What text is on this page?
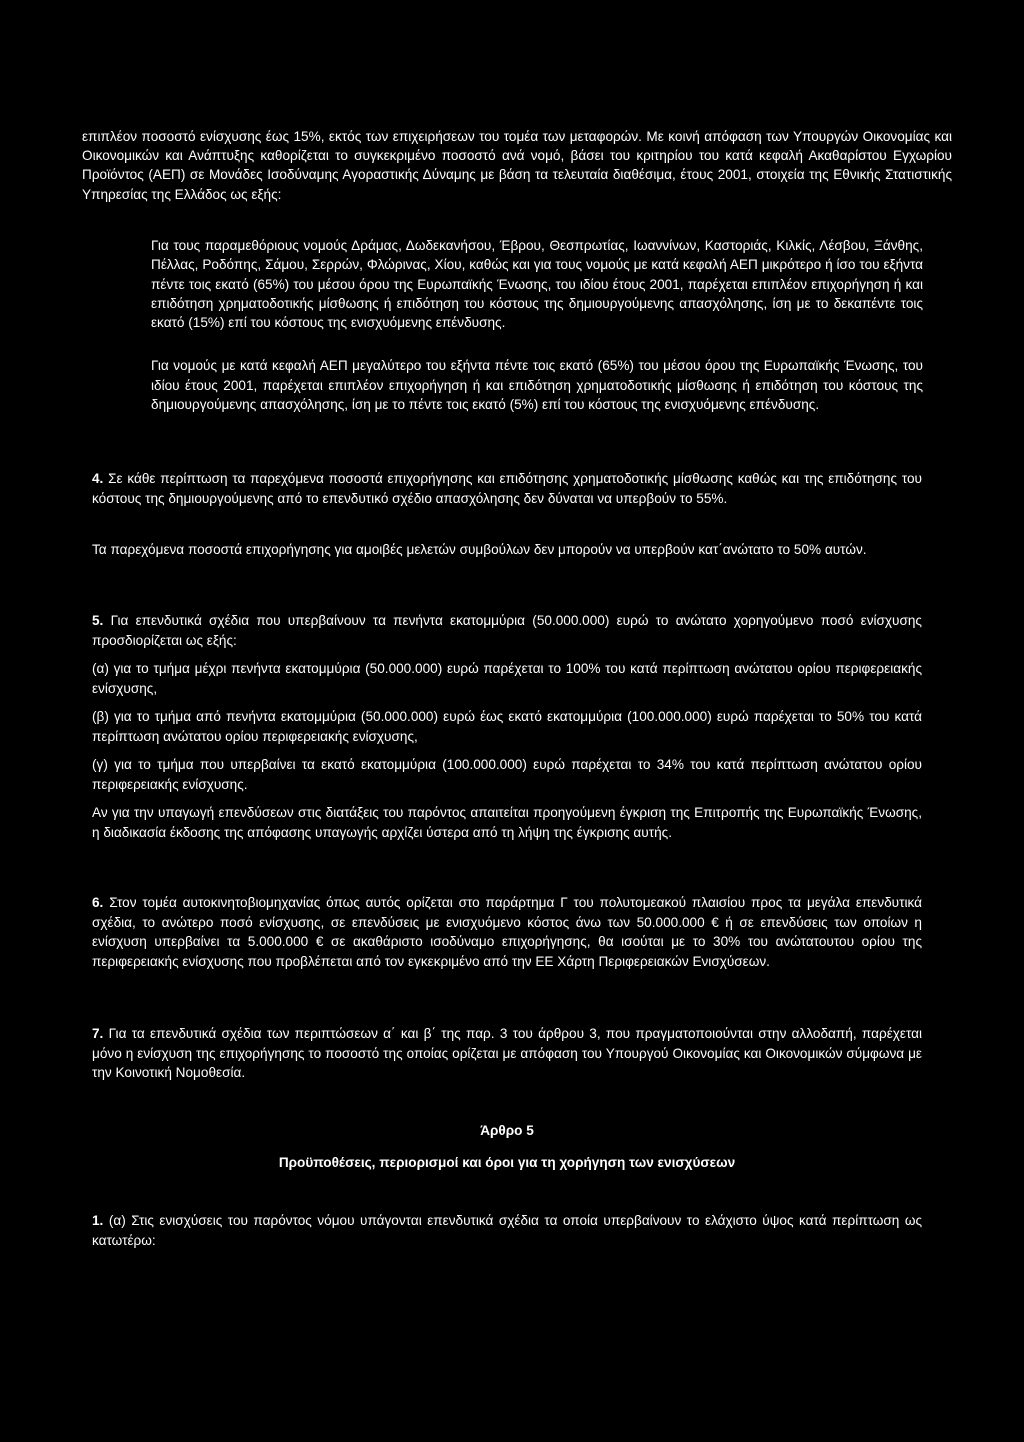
επιπλέον ποσοστό ενίσχυσης έως 15%, εκτός των επιχειρήσεων του τομέα των μεταφορών. Με κοινή απόφαση των Υπουργών Οικονομίας και Οικονομικών και Ανάπτυξης καθορίζεται το συγκεκριμένο ποσοστό ανά νομό, βάσει του κριτηρίου του κατά κεφαλή Ακαθαρίστου Εγχωρίου Προϊόντος (ΑΕΠ) σε Μονάδες Ισοδύναμης Αγοραστικής Δύναμης με βάση τα τελευταία διαθέσιμα, έτους 2001, στοιχεία της Εθνικής Στατιστικής Υπηρεσίας της Ελλάδος ως εξής:

Για τους παραμεθόριους νομούς Δράμας, Δωδεκανήσου, Έβρου, Θεσπρωτίας, Ιωαννίνων, Καστοριάς, Κιλκίς, Λέσβου, Ξάνθης, Πέλλας, Ροδόπης, Σάμου, Σερρών, Φλώρινας, Χίου, καθώς και για τους νομούς με κατά κεφαλή ΑΕΠ μικρότερο ή ίσο του εξήντα πέντε τοις εκατό (65%) του μέσου όρου της Ευρωπαϊκής Ένωσης, του ιδίου έτους 2001, παρέχεται επιπλέον επιχορήγηση ή και επιδότηση χρηματοδοτικής μίσθωσης ή επιδότηση του κόστους της δημιουργούμενης απασχόλησης, ίση με το δεκαπέντε τοις εκατό (15%) επί του κόστους της ενισχυόμενης επένδυσης.

Για νομούς με κατά κεφαλή ΑΕΠ μεγαλύτερο του εξήντα πέντε τοις εκατό (65%) του μέσου όρου της Ευρωπαϊκής Ένωσης, του ιδίου έτους 2001, παρέχεται επιπλέον επιχορήγηση ή και επιδότηση χρηματοδοτικής μίσθωσης ή επιδότηση του κόστους της δημιουργούμενης απασχόλησης, ίση με το πέντε τοις εκατό (5%) επί του κόστους της ενισχυόμενης επένδυσης.

4. Σε κάθε περίπτωση τα παρεχόμενα ποσοστά επιχορήγησης και επιδότησης χρηματοδοτικής μίσθωσης καθώς και της επιδότησης του κόστους της δημιουργούμενης από το επενδυτικό σχέδιο απασχόλησης δεν δύναται να υπερβούν το 55%.

Τα παρεχόμενα ποσοστά επιχορήγησης για αμοιβές μελετών συμβούλων δεν μπορούν να υπερβούν κατ΄ανώτατο το 50% αυτών.

5. Για επενδυτικά σχέδια που υπερβαίνουν τα πενήντα εκατομμύρια (50.000.000) ευρώ το ανώτατο χορηγούμενο ποσό ενίσχυσης προσδιορίζεται ως εξής:

(α) για το τμήμα μέχρι πενήντα εκατομμύρια (50.000.000) ευρώ παρέχεται το 100% του κατά περίπτωση ανώτατου ορίου περιφερειακής ενίσχυσης,

(β) για το τμήμα από πενήντα εκατομμύρια (50.000.000) ευρώ έως εκατό εκατομμύρια (100.000.000) ευρώ παρέχεται το 50% του κατά περίπτωση ανώτατου ορίου περιφερειακής ενίσχυσης,

(γ) για το τμήμα που υπερβαίνει τα εκατό εκατομμύρια (100.000.000) ευρώ παρέχεται το 34% του κατά περίπτωση ανώτατου ορίου περιφερειακής ενίσχυσης.

Αν για την υπαγωγή επενδύσεων στις διατάξεις του παρόντος απαιτείται προηγούμενη έγκριση της Επιτροπής της Ευρωπαϊκής Ένωσης, η διαδικασία έκδοσης της απόφασης υπαγωγής αρχίζει ύστερα από τη λήψη της έγκρισης αυτής.

6. Στον τομέα αυτοκινητοβιομηχανίας όπως αυτός ορίζεται στο παράρτημα Γ του πολυτομεακού πλαισίου προς τα μεγάλα επενδυτικά σχέδια, το ανώτερο ποσό ενίσχυσης, σε επενδύσεις με ενισχυόμενο κόστος άνω των 50.000.000 € ή σε επενδύσεις των οποίων η ενίσχυση υπερβαίνει τα 5.000.000 € σε ακαθάριστο ισοδύναμο επιχορήγησης, θα ισούται με το 30% του ανώτατουτου ορίου της περιφερειακής ενίσχυσης που προβλέπεται από τον εγκεκριμένο από την ΕΕ Χάρτη Περιφερειακών Ενισχύσεων.

7. Για τα επενδυτικά σχέδια των περιπτώσεων α΄ και β΄ της παρ. 3 του άρθρου 3, που πραγματοποιούνται στην αλλοδαπή, παρέχεται μόνο η ενίσχυση της επιχορήγησης το ποσοστό της οποίας ορίζεται με απόφαση του Υπουργού Οικονομίας και Οικονομικών σύμφωνα με την Κοινοτική Νομοθεσία.

Άρθρο 5

Προϋποθέσεις, περιορισμοί και όροι για τη χορήγηση των ενισχύσεων

1. (α) Στις ενισχύσεις του παρόντος νόμου υπάγονται επενδυτικά σχέδια τα οποία υπερβαίνουν το ελάχιστο ύψος κατά περίπτωση ως κατωτέρω:
